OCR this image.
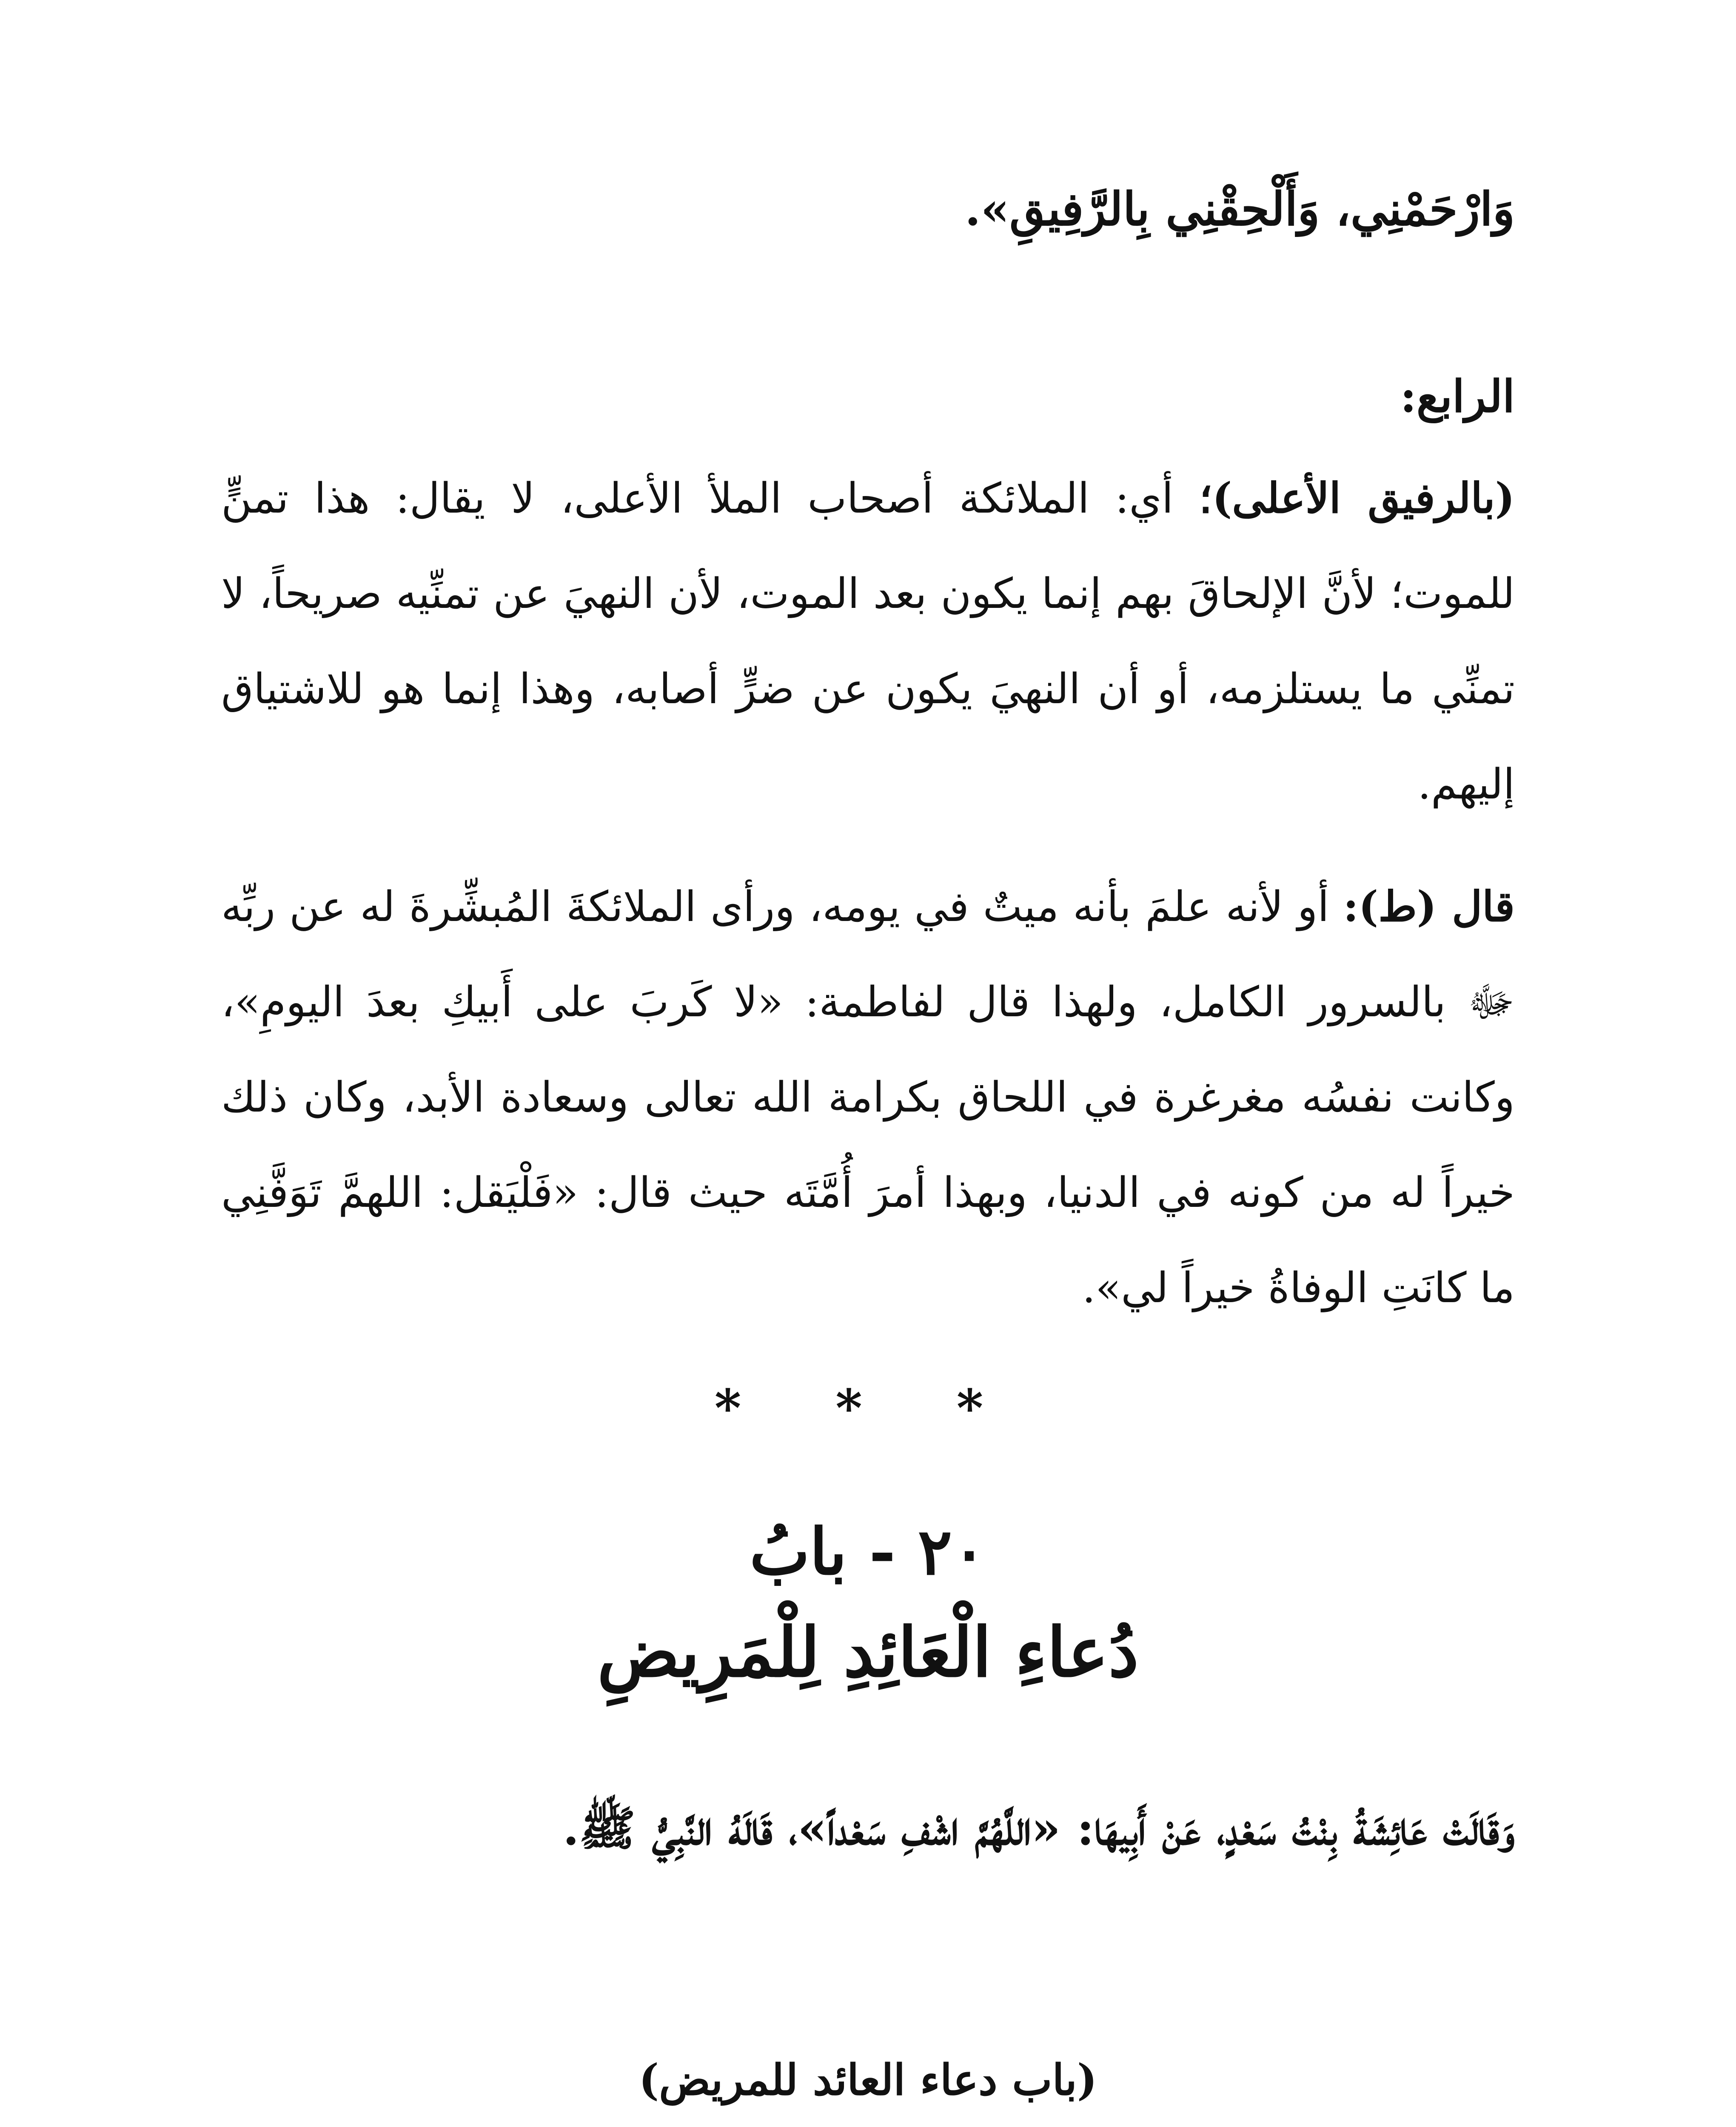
وَارْحَمْنِي، وَأَلْحِقْنِي بِالرَّفِيقِ».
الرابع:
(بالرفيق الأعلى)؛ أي: الملائكة أصحاب الملأ الأعلى، لا يقال: هذا تمنٍّ للموت؛ لأنَّ الإلحاقَ بهم إنما يكون بعد الموت، لأن النهيَ عن تمنِّيه صريحاً، لا تمنِّي ما يستلزمه، أو أن النهيَ يكون عن ضرٍّ أصابه، وهذا إنما هو للاشتياق إليهم.
قال (ط): أو لأنه علمَ بأنه ميتٌ في يومه، ورأى الملائكةَ المُبشِّرةَ له عن ربِّه ﷻ بالسرور الكامل، ولهذا قال لفاطمة: «لا كَربَ على أَبيكِ بعدَ اليومِ»، وكانت نفسُه مغرغرة في اللحاق بكرامة الله تعالى وسعادة الأبد، وكان ذلك خيراً له من كونه في الدنيا، وبهذا أمرَ أُمَّتَه حيث قال: «فَلْيَقل: اللهمَّ تَوَفَّنِي ما كانَتِ الوفاةُ خيراً لي».
* * *
٢٠ - بابُ
دُعاءِ الْعَائِدِ لِلْمَرِيضِ
وَقَالَتْ عَائِشَةُ بِنْتُ سَعْدٍ، عَنْ أَبِيهَا: «اللَّهُمَّ اشْفِ سَعْداً»، قَالَهُ النَّبِيُّ ﷺ.
(باب دعاء العائد للمريض)
